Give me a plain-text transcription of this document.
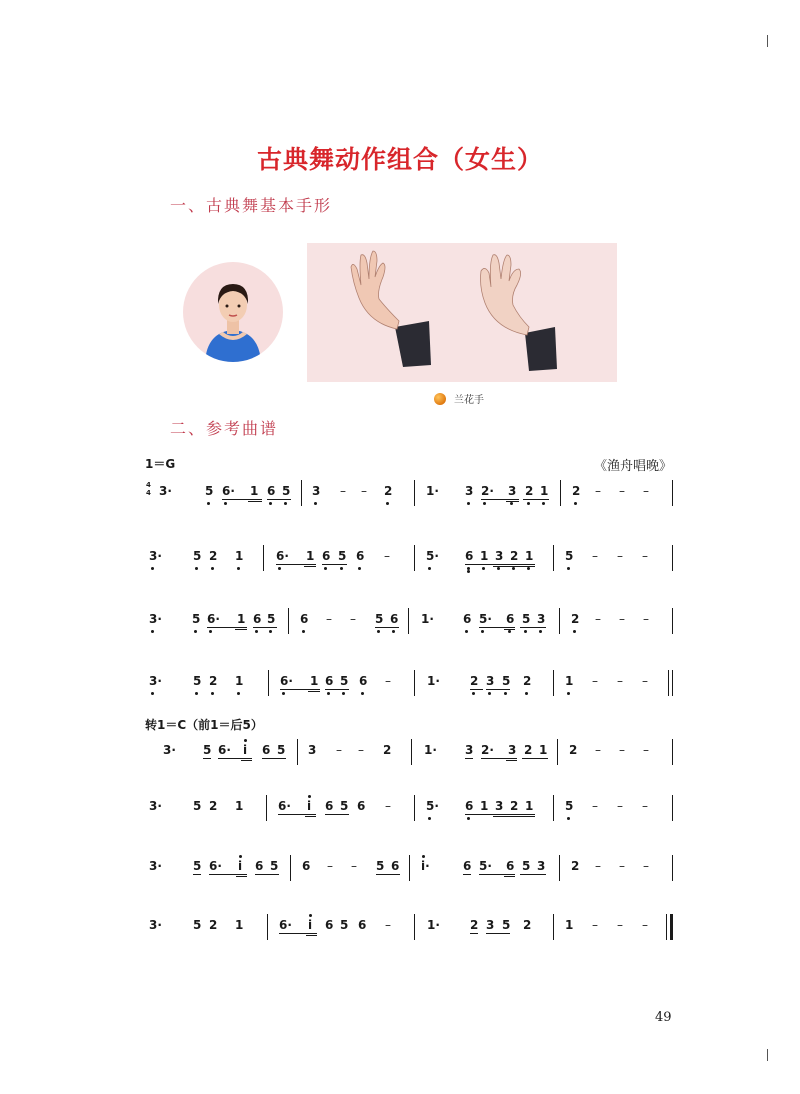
古典舞动作组合（女生）
一、古典舞基本手形
兰花手
二、参考曲谱
1＝G	《渔舟唱晚》
4
4 3·	5 6· 1 6 5 3 – – 2	1· 3 2· 3 2 1 2 – – –
3·	5 2 1	6· 1 6 5 6 –	5· 6 1 3 2 1	5 – – –
3·	5 6· 1 6 5 6 – – 5 6 1· 6 5· 6 5 3 2 – – –
3·	5 2 1	6· 1 6 5 6 –	1·	2 3 5 2	1 – – –
转1＝C（前1＝后5）
3· 5 6· i 6 5 3 – – 2	1· 3 2· 3 2 1 2 – – –
3·	5 2 1	6· i 6 5 6 –	5· 6 1 3 2 1	5 – – –
3·	5 6· i 6 5 6 – – 5 6 i·	6 5· 6 5 3 2 – – –
3·	5 2 1	6· i 6 5 6 –	1·	2 3 5 2	1 – – –
49
